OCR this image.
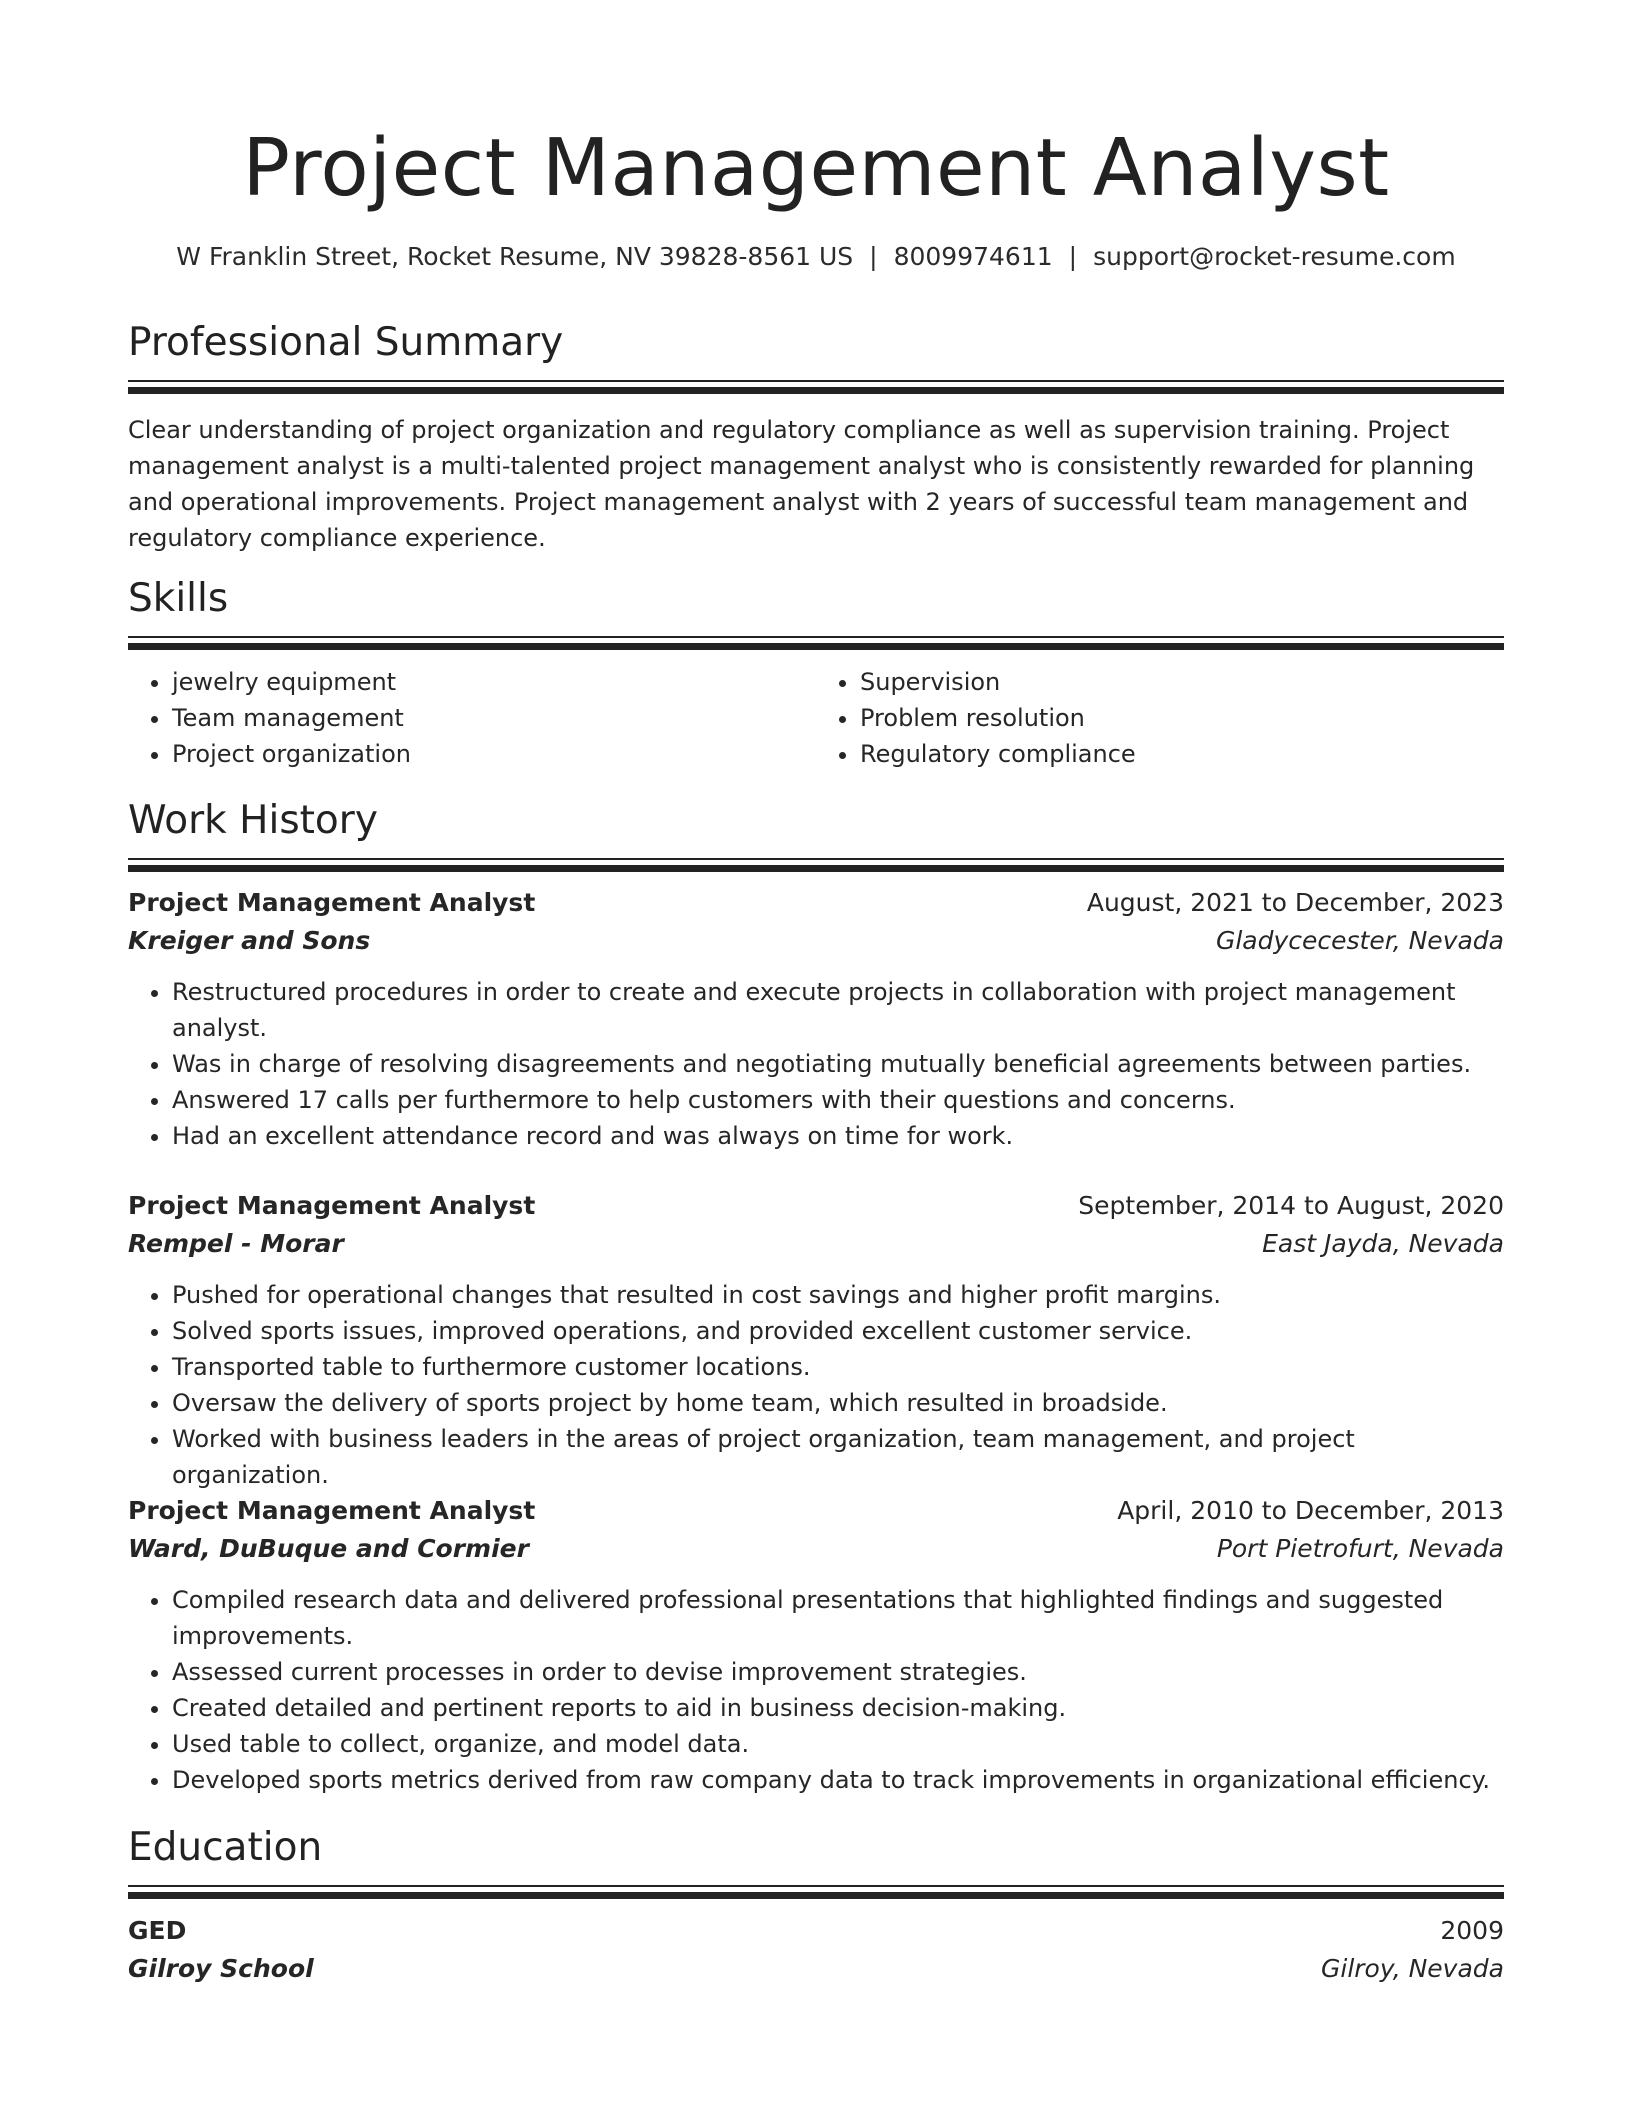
Project Management Analyst
W Franklin Street, Rocket Resume, NV 39828-8561 US | 8009974611 | support@rocket-resume.com
Professional Summary
Clear understanding of project organization and regulatory compliance as well as supervision training. Project management analyst is a multi-talented project management analyst who is consistently rewarded for planning and operational improvements. Project management analyst with 2 years of successful team management and regulatory compliance experience.
Skills
• jewelry equipment
• Team management
• Project organization
• Supervision
• Problem resolution
• Regulatory compliance
Work History
Project Management Analyst	August, 2021 to December, 2023
Kreiger and Sons	Gladycecester, Nevada
• Restructured procedures in order to create and execute projects in collaboration with project management analyst.
• Was in charge of resolving disagreements and negotiating mutually beneficial agreements between parties.
• Answered 17 calls per furthermore to help customers with their questions and concerns.
• Had an excellent attendance record and was always on time for work.
Project Management Analyst	September, 2014 to August, 2020
Rempel - Morar	East Jayda, Nevada
• Pushed for operational changes that resulted in cost savings and higher profit margins.
• Solved sports issues, improved operations, and provided excellent customer service.
• Transported table to furthermore customer locations.
• Oversaw the delivery of sports project by home team, which resulted in broadside.
• Worked with business leaders in the areas of project organization, team management, and project organization.
Project Management Analyst	April, 2010 to December, 2013
Ward, DuBuque and Cormier	Port Pietrofurt, Nevada
• Compiled research data and delivered professional presentations that highlighted findings and suggested improvements.
• Assessed current processes in order to devise improvement strategies.
• Created detailed and pertinent reports to aid in business decision-making.
• Used table to collect, organize, and model data.
• Developed sports metrics derived from raw company data to track improvements in organizational efficiency.
Education
GED	2009
Gilroy School	Gilroy, Nevada
